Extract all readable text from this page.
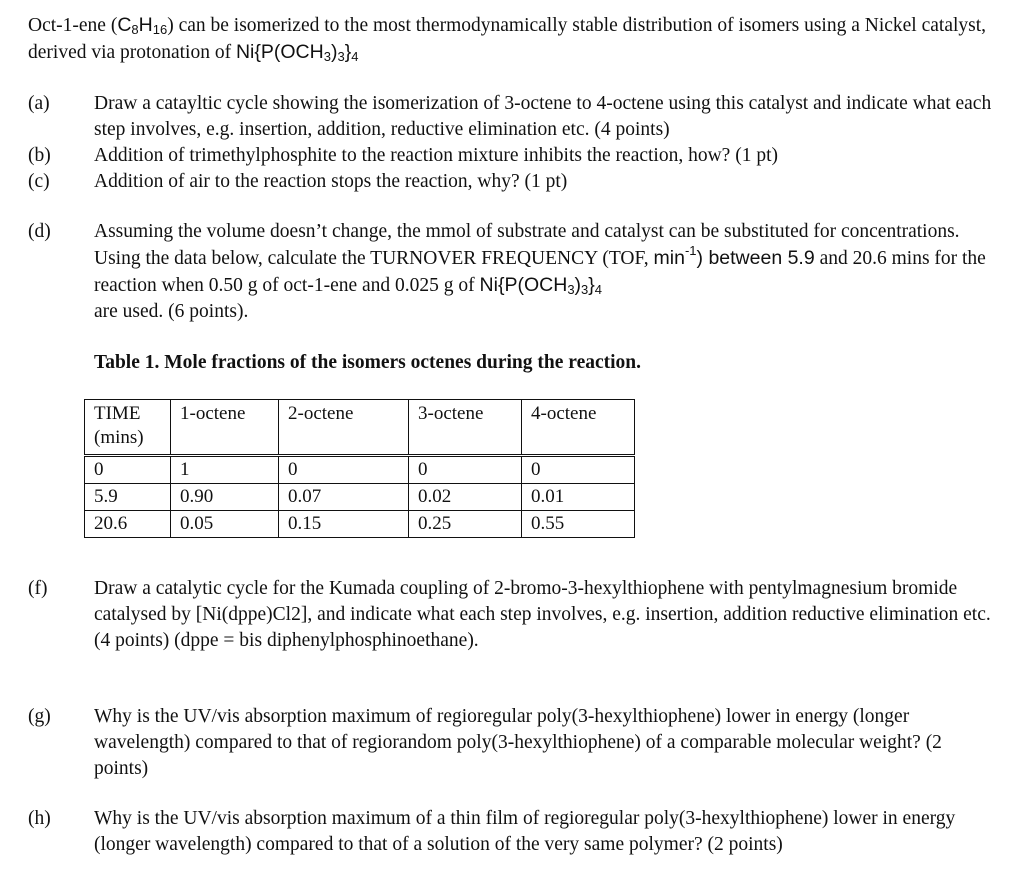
Oct-1-ene $(C_8H_{16})$ can be isomerized to the most thermodynamically stable distribution of isomers using a Nickel catalyst, derived via protonation of $Ni\{P(OCH_3)_3\}_4$
(a)	Draw a catayltic cycle showing the isomerization of 3-octene to 4-octene using this catalyst and indicate what each step involves, e.g. insertion, addition, reductive elimination etc. (4 points)
(b)	Addition of trimethylphosphite to the reaction mixture inhibits the reaction, how? (1 pt)
(c)	Addition of air to the reaction stops the reaction, why? (1 pt)
(d)	Assuming the volume doesn’t change, the mmol of substrate and catalyst can be substituted for concentrations. Using the data below, calculate the TURNOVER FREQUENCY (TOF, $\min^{-1}$) between 5.9 and 20.6 mins for the reaction when 0.50 g of oct-1-ene and 0.025 g of $Ni\{P(OCH_3)_3\}_4$
are used. (6 points).
Table 1. Mole fractions of the isomers octenes during the reaction.
TIME (mins)	1-octene	2-octene	3-octene	4-octene
0	1	0	0	0
5.9	0.90	0.07	0.02	0.01
20.6	0.05	0.15	0.25	0.55
(f)	Draw a catalytic cycle for the Kumada coupling of 2-bromo-3-hexylthiophene with pentylmagnesium bromide catalysed by [Ni(dppe)Cl2], and indicate what each step involves, e.g. insertion, addition reductive elimination etc. (4 points) (dppe = bis diphenylphosphinoethane).
(g)	Why is the UV/vis absorption maximum of regioregular poly(3-hexylthiophene) lower in energy (longer wavelength) compared to that of regiorandom poly(3-hexylthiophene) of a comparable molecular weight? (2 points)
(h)	Why is the UV/vis absorption maximum of a thin film of regioregular poly(3-hexylthiophene) lower in energy (longer wavelength) compared to that of a solution of the very same polymer? (2 points)
